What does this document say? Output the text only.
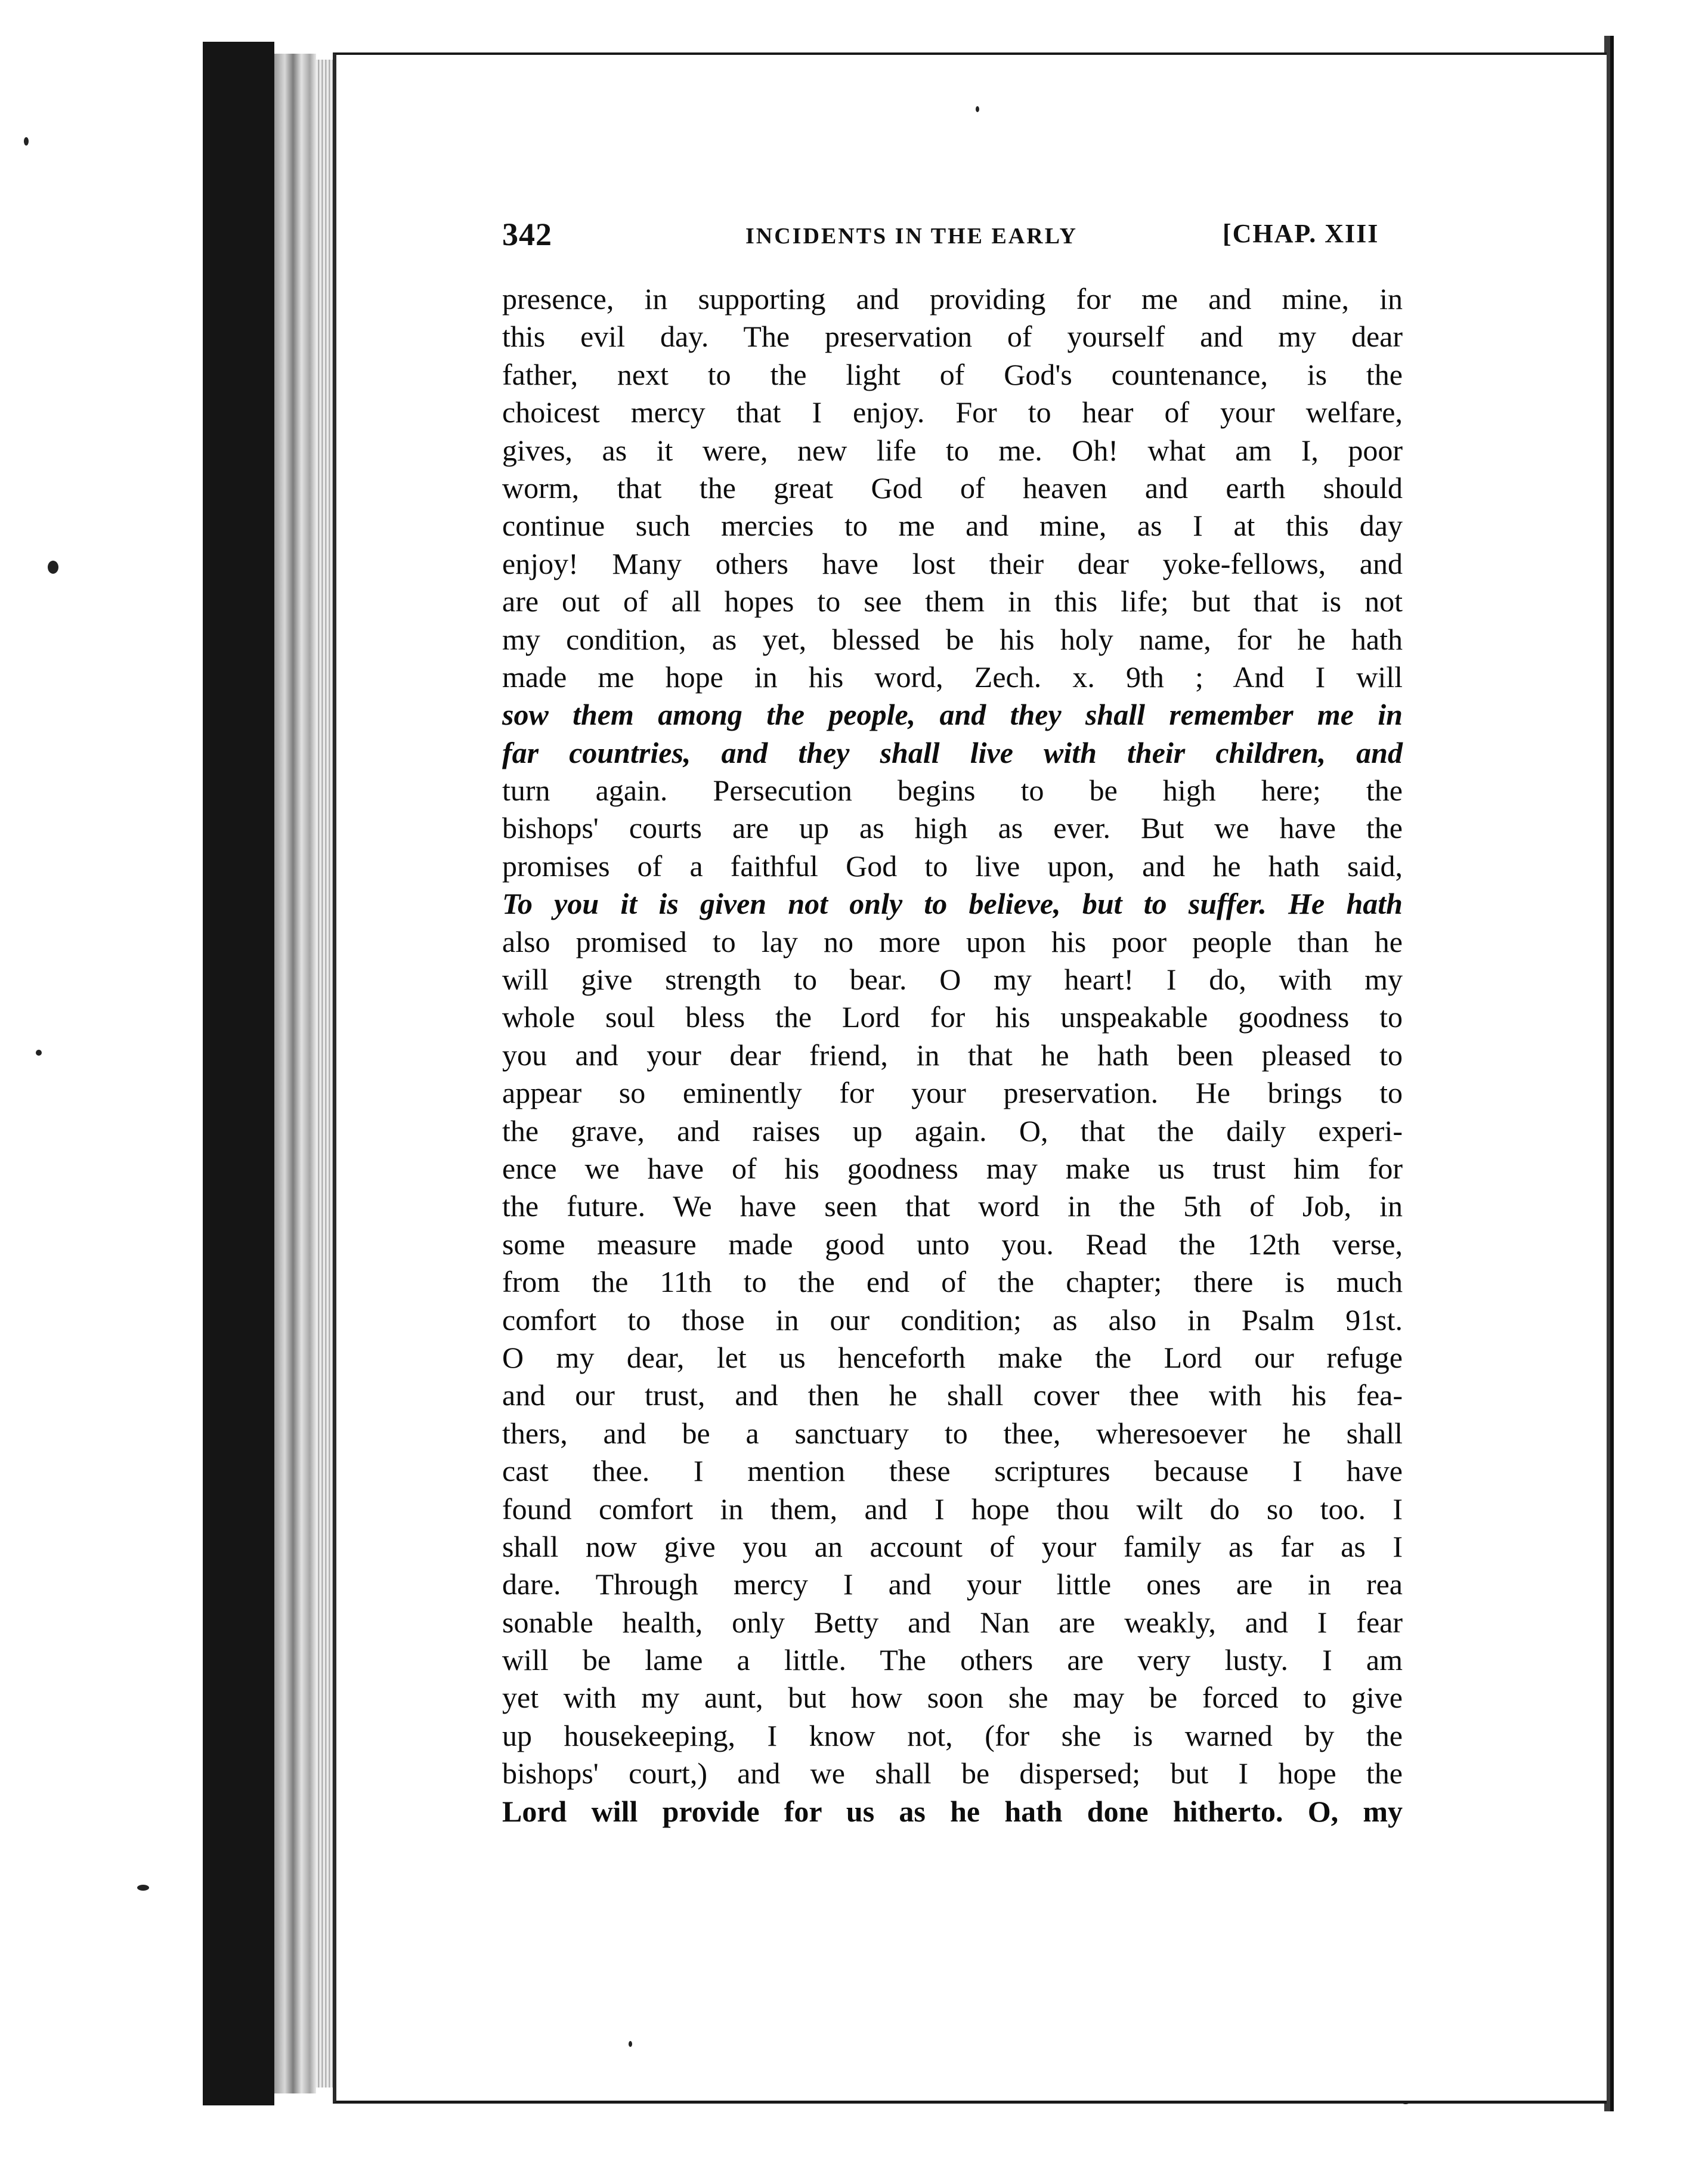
342	INCIDENTS IN THE EARLY	[CHAP. XIII
presence, in supporting and providing for me and mine, in
this evil day. The preservation of yourself and my dear
father, next to the light of God's countenance, is the
choicest mercy that I enjoy. For to hear of your welfare,
gives, as it were, new life to me. Oh! what am I, poor
worm, that the great God of heaven and earth should
continue such mercies to me and mine, as I at this day
enjoy! Many others have lost their dear yoke-fellows, and
are out of all hopes to see them in this life; but that is not
my condition, as yet, blessed be his holy name, for he hath
made me hope in his word, Zech. x. 9th ; And I will
sow them among the people, and they shall remember me in
far countries, and they shall live with their children, and
turn again. Persecution begins to be high here; the
bishops' courts are up as high as ever. But we have the
promises of a faithful God to live upon, and he hath said,
To you it is given not only to believe, but to suffer. He hath
also promised to lay no more upon his poor people than he
will give strength to bear. O my heart! I do, with my
whole soul bless the Lord for his unspeakable goodness to
you and your dear friend, in that he hath been pleased to
appear so eminently for your preservation. He brings to
the grave, and raises up again. O, that the daily experi-
ence we have of his goodness may make us trust him for
the future. We have seen that word in the 5th of Job, in
some measure made good unto you. Read the 12th verse,
from the 11th to the end of the chapter; there is much
comfort to those in our condition; as also in Psalm 91st.
O my dear, let us henceforth make the Lord our refuge
and our trust, and then he shall cover thee with his fea-
thers, and be a sanctuary to thee, wheresoever he shall
cast thee. I mention these scriptures because I have
found comfort in them, and I hope thou wilt do so too. I
shall now give you an account of your family as far as I
dare. Through mercy I and your little ones are in rea
sonable health, only Betty and Nan are weakly, and I fear
will be lame a little. The others are very lusty. I am
yet with my aunt, but how soon she may be forced to give
up housekeeping, I know not, (for she is warned by the
bishops' court,) and we shall be dispersed; but I hope the
Lord will provide for us as he hath done hitherto. O, my
